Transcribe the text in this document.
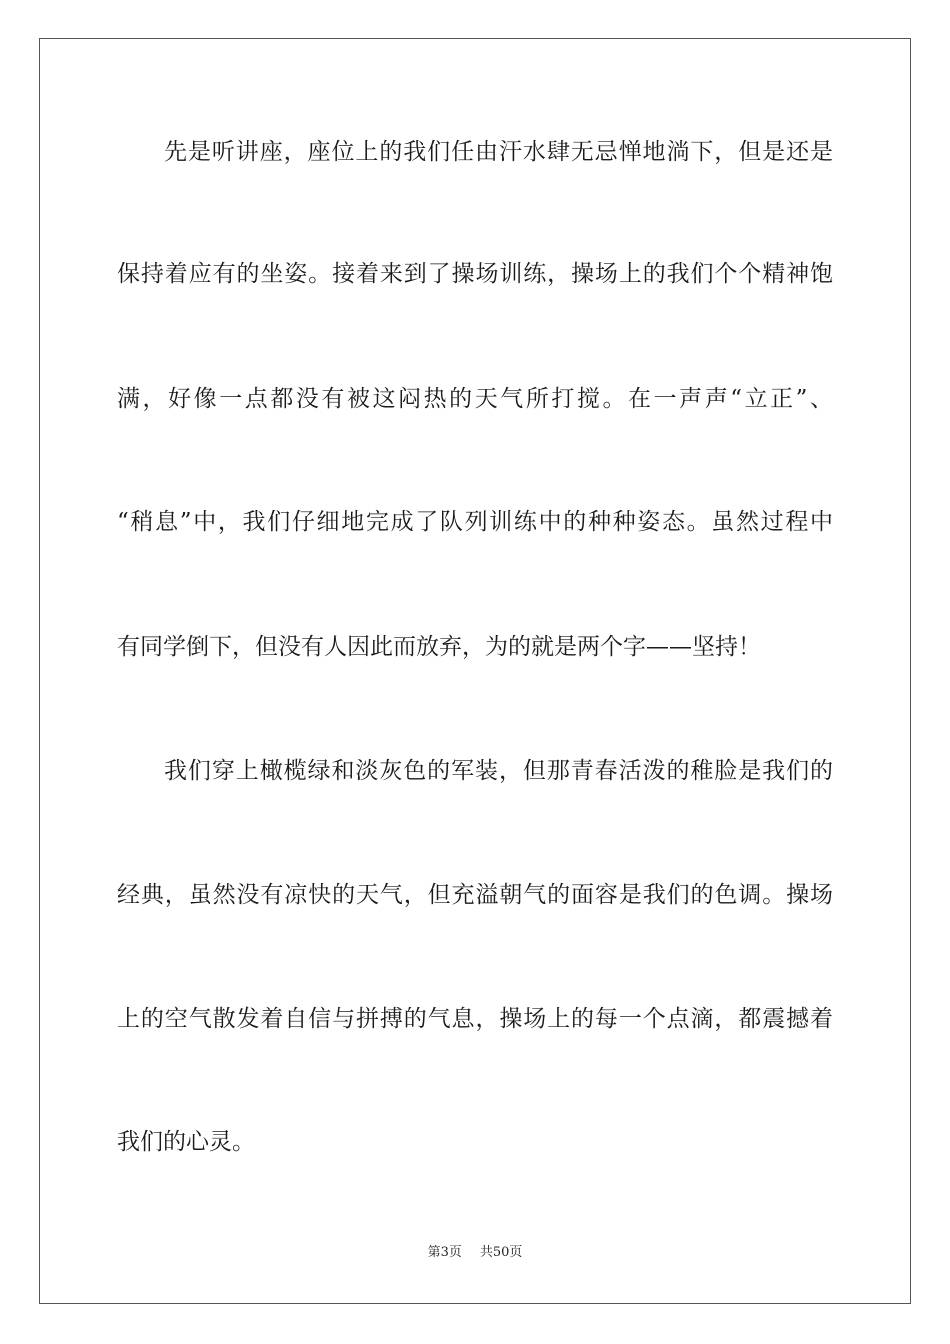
先是听讲座，座位上的我们任由汗水肆无忌惮地淌下，但是还是
保持着应有的坐姿。接着来到了操场训练，操场上的我们个个精神饱
满，好像一点都没有被这闷热的天气所打搅。在一声声“立正”、
“稍息”中，我们仔细地完成了队列训练中的种种姿态。虽然过程中
有同学倒下，但没有人因此而放弃，为的就是两个字——坚持！
我们穿上橄榄绿和淡灰色的军装，但那青春活泼的稚脸是我们的
经典，虽然没有凉快的天气，但充溢朝气的面容是我们的色调。操场
上的空气散发着自信与拼搏的气息，操场上的每一个点滴，都震撼着
我们的心灵。
第3页 共50页
